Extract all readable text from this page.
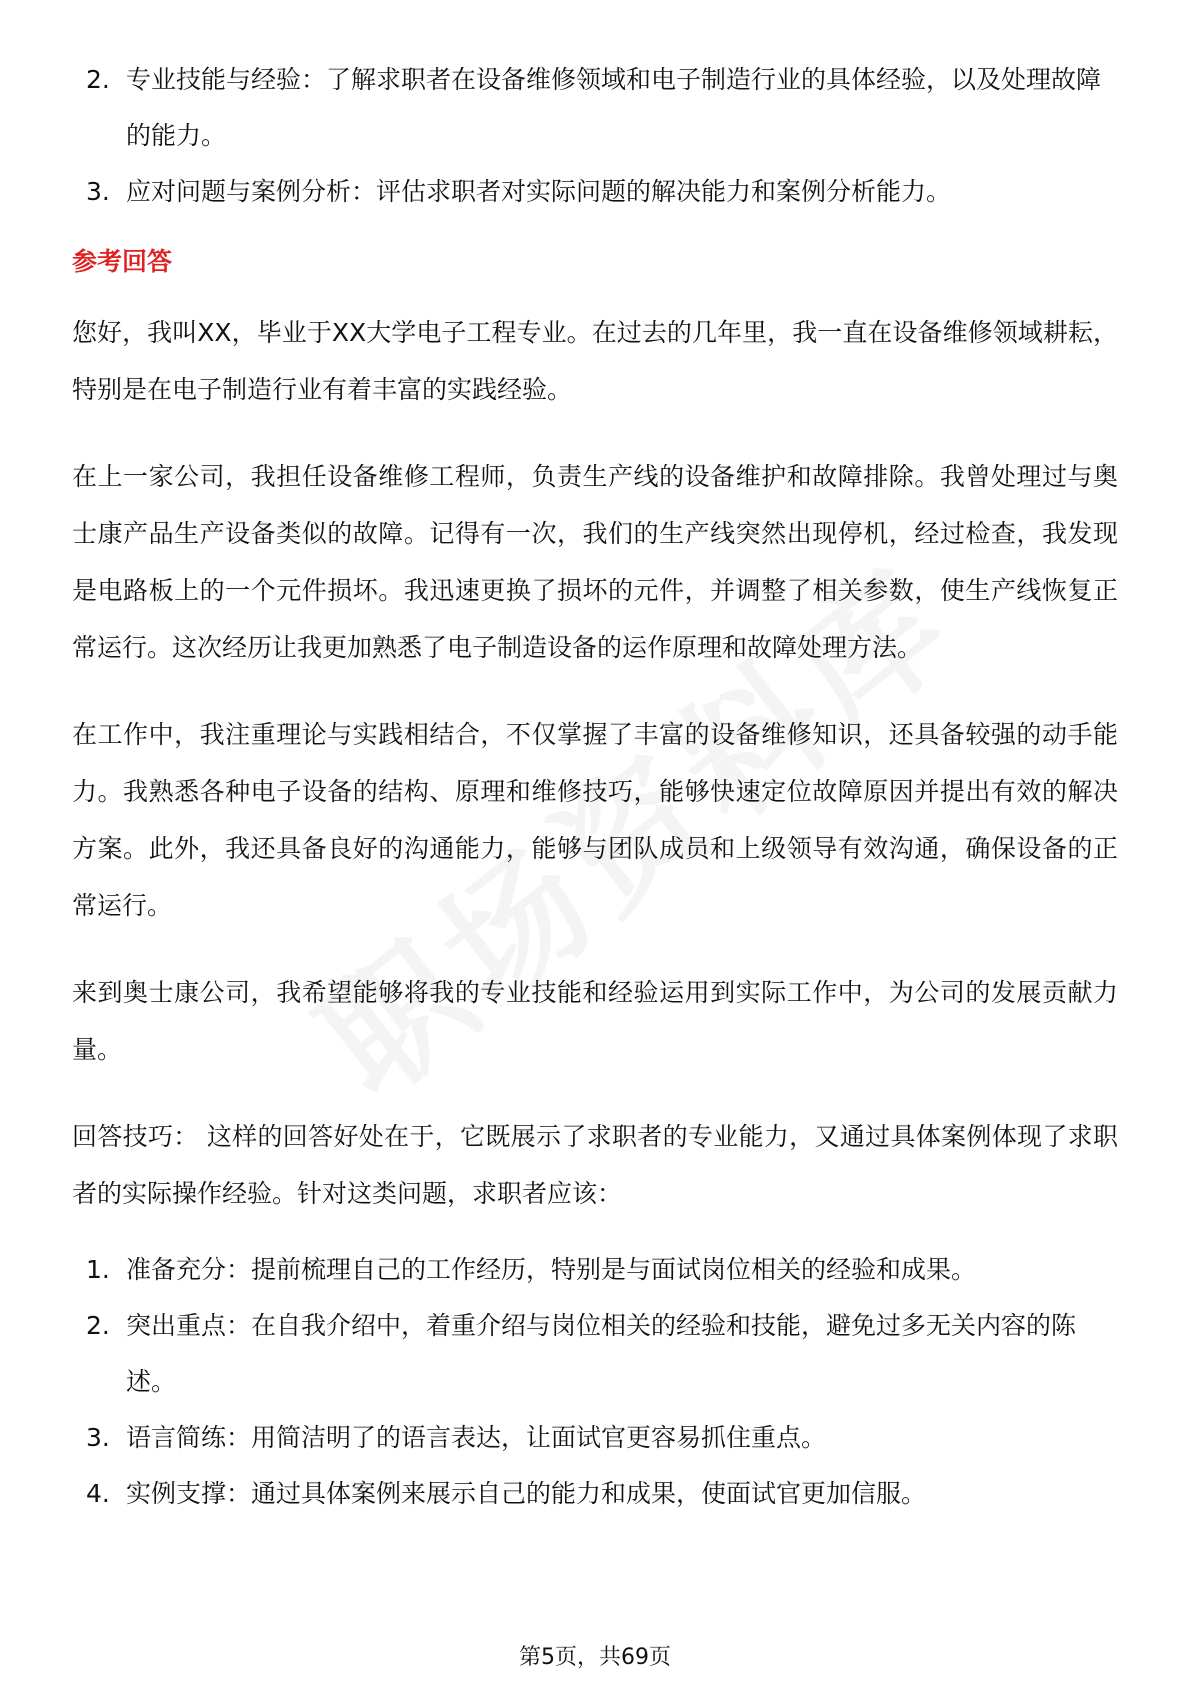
2. 专业技能与经验：了解求职者在设备维修领域和电子制造行业的具体经验，以及处理故障的能力。
3. 应对问题与案例分析：评估求职者对实际问题的解决能力和案例分析能力。
参考回答

您好，我叫XX，毕业于XX大学电子工程专业。在过去的几年里，我一直在设备维修领域耕耘，特别是在电子制造行业有着丰富的实践经验。

在上一家公司，我担任设备维修工程师，负责生产线的设备维护和故障排除。我曾处理过与奥士康产品生产设备类似的故障。记得有一次，我们的生产线突然出现停机，经过检查，我发现是电路板上的一个元件损坏。我迅速更换了损坏的元件，并调整了相关参数，使生产线恢复正常运行。这次经历让我更加熟悉了电子制造设备的运作原理和故障处理方法。

在工作中，我注重理论与实践相结合，不仅掌握了丰富的设备维修知识，还具备较强的动手能力。我熟悉各种电子设备的结构、原理和维修技巧，能够快速定位故障原因并提出有效的解决方案。此外，我还具备良好的沟通能力，能够与团队成员和上级领导有效沟通，确保设备的正常运行。

来到奥士康公司，我希望能够将我的专业技能和经验运用到实际工作中，为公司的发展贡献力量。

回答技巧： 这样的回答好处在于，它既展示了求职者的专业能力，又通过具体案例体现了求职者的实际操作经验。针对这类问题，求职者应该：

1. 准备充分：提前梳理自己的工作经历，特别是与面试岗位相关的经验和成果。
2. 突出重点：在自我介绍中，着重介绍与岗位相关的经验和技能，避免过多无关内容的陈述。
3. 语言简练：用简洁明了的语言表达，让面试官更容易抓住重点。
4. 实例支撑：通过具体案例来展示自己的能力和成果，使面试官更加信服。
第5页，共69页
